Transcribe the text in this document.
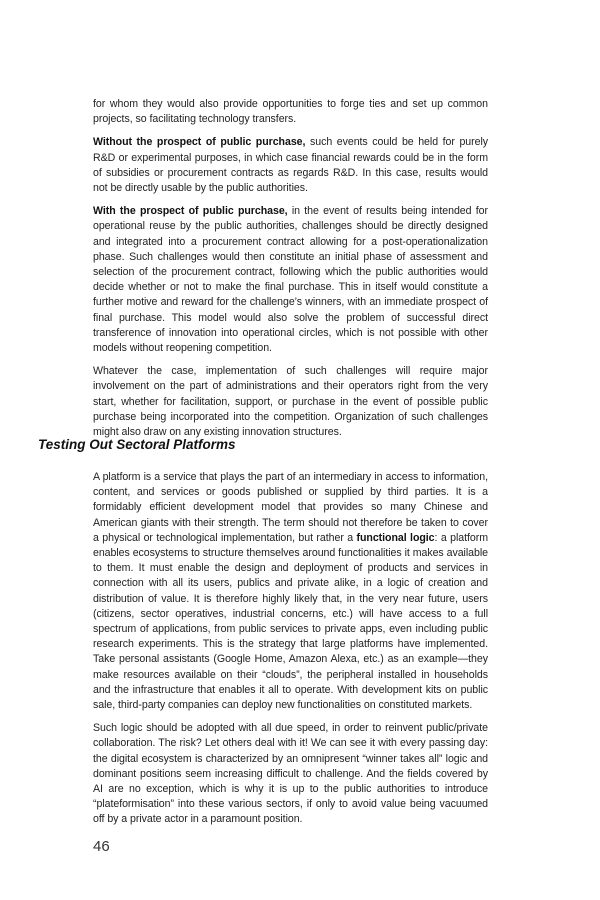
for whom they would also provide opportunities to forge ties and set up common projects, so facilitating technology transfers.

Without the prospect of public purchase, such events could be held for purely R&D or experimental purposes, in which case financial rewards could be in the form of subsidies or procurement contracts as regards R&D. In this case, results would not be directly usable by the public authorities.

With the prospect of public purchase, in the event of results being intended for operational reuse by the public authorities, challenges should be directly designed and integrated into a procurement contract allowing for a post-operationalization phase. Such challenges would then constitute an initial phase of assessment and selection of the procurement contract, following which the public authorities would decide whether or not to make the final purchase. This in itself would constitute a further motive and reward for the challenge’s winners, with an immediate prospect of final purchase. This model would also solve the problem of successful direct transference of innovation into operational circles, which is not possible with other models without reopening competition.

Whatever the case, implementation of such challenges will require major involvement on the part of administrations and their operators right from the very start, whether for facilitation, support, or purchase in the event of possible public purchase being incorporated into the competition. Organization of such challenges might also draw on any existing innovation structures.

Testing Out Sectoral Platforms

A platform is a service that plays the part of an intermediary in access to information, content, and services or goods published or supplied by third parties. It is a formidably efficient development model that provides so many Chinese and American giants with their strength. The term should not therefore be taken to cover a physical or technological implementation, but rather a functional logic: a platform enables ecosystems to structure themselves around functionalities it makes available to them. It must enable the design and deployment of products and services in connection with all its users, publics and private alike, in a logic of creation and distribution of value. It is therefore highly likely that, in the very near future, users (citizens, sector operatives, industrial concerns, etc.) will have access to a full spectrum of applications, from public services to private apps, even including public research experiments. This is the strategy that large platforms have implemented. Take personal assistants (Google Home, Amazon Alexa, etc.) as an example—they make resources available on their “clouds”, the peripheral installed in households and the infrastructure that enables it all to operate. With development kits on public sale, third-party companies can deploy new functionalities on constituted markets.

Such logic should be adopted with all due speed, in order to reinvent public/private collaboration. The risk? Let others deal with it! We can see it with every passing day: the digital ecosystem is characterized by an omnipresent “winner takes all” logic and dominant positions seem increasing difficult to challenge. And the fields covered by AI are no exception, which is why it is up to the public authorities to introduce “plateformisation” into these various sectors, if only to avoid value being vacuumed off by a private actor in a paramount position.

46
